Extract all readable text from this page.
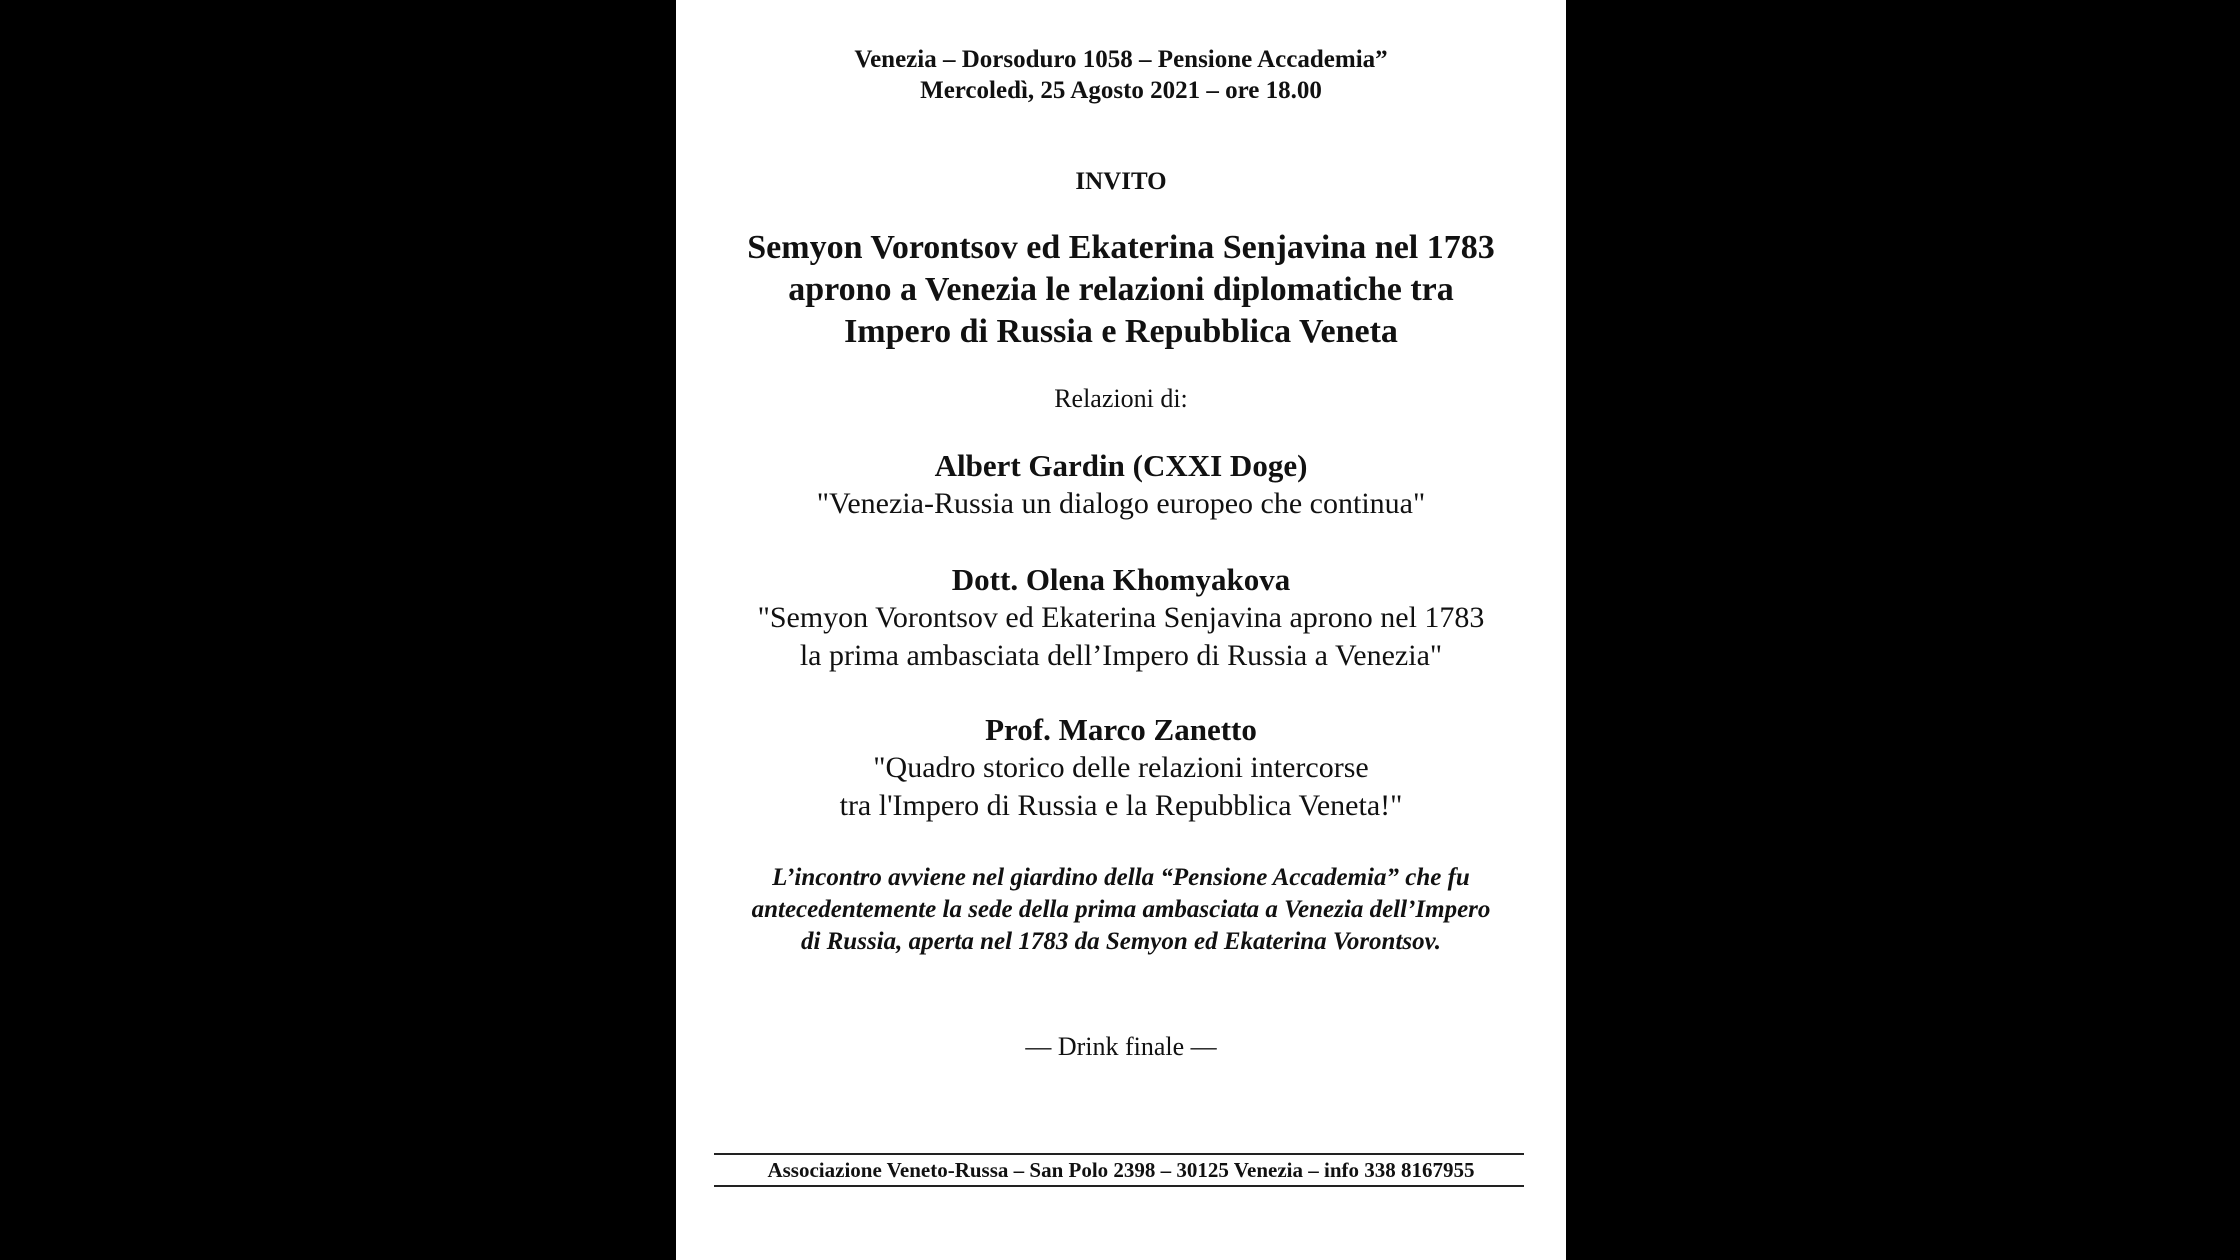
Venezia – Dorsoduro 1058 – Pensione Accademia”
Mercoledì, 25 Agosto 2021 – ore 18.00
INVITO
Semyon Vorontsov ed Ekaterina Senjavina nel 1783
aprono a Venezia le relazioni diplomatiche tra
Impero di Russia e Repubblica Veneta
Relazioni di:
Albert Gardin (CXXI Doge)
"Venezia-Russia un dialogo europeo che continua"
Dott. Olena Khomyakova
"Semyon Vorontsov ed Ekaterina Senjavina aprono nel 1783
la prima ambasciata dell’Impero di Russia a Venezia"
Prof. Marco Zanetto
"Quadro storico delle relazioni intercorse
tra l'Impero di Russia e la Repubblica Veneta!"
L’incontro avviene nel giardino della “Pensione Accademia” che fu
antecedentemente la sede della prima ambasciata a Venezia dell’Impero
di Russia, aperta nel 1783 da Semyon ed Ekaterina Vorontsov.
— Drink finale —
Associazione Veneto-Russa – San Polo 2398 – 30125 Venezia – info 338 8167955
